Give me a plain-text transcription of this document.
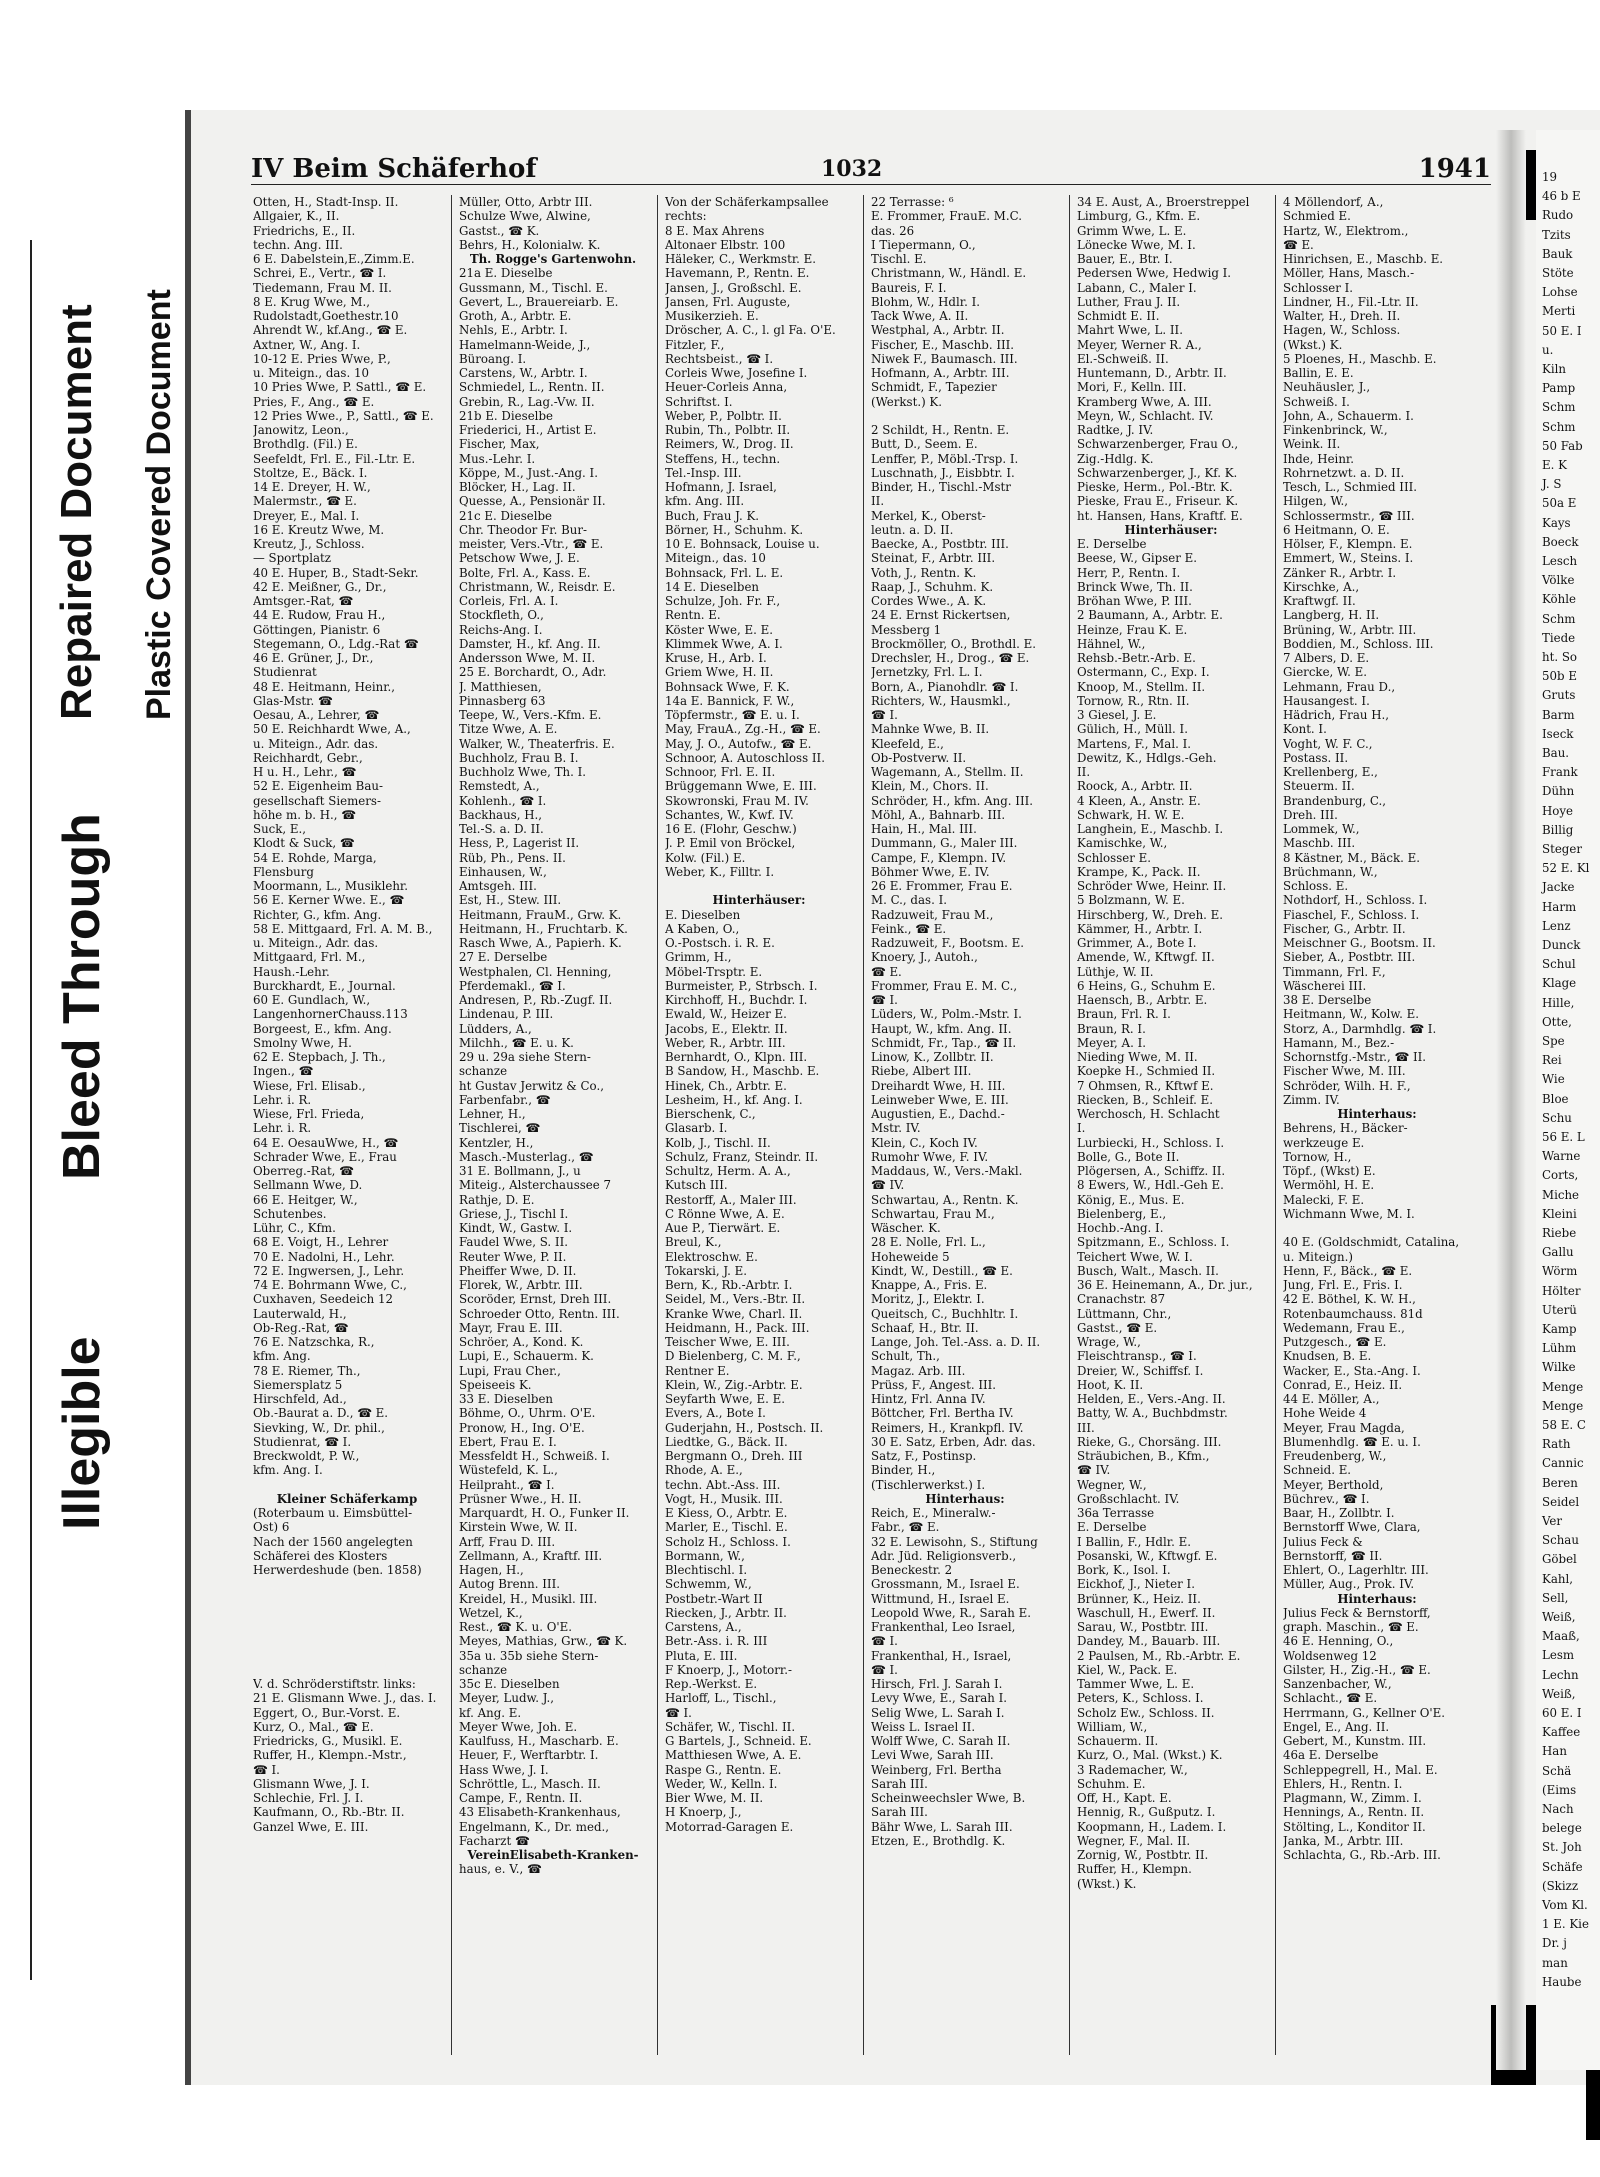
Illegible
Bleed Through
Repaired Document Plastic Covered Document
19
46 b E
Rudo
Tzits
Bauk
Stöte
Lohse
Merti
50 E. I
u.
Kiln
Pamp
Schm
Schm
50 Fab
E. K
J. S
50a E
Kays
Boeck
Lesch
Völke
Köhle
Schm
Tiede
ht. So
50b E
Gruts
Barm
Iseck
Bau.
Frank
Dühn
Hoye
Billig
Steger
52 E. Kl
Jacke
Harm
Lenz
Dunck
Schul
Klage
Hille,
Otte,
Spe
Rei
Wie
Bloe
Schu
56 E. L
Warne
Corts,
Miche
Kleini
Riebe
Gallu
Wörm
Hölter
Uterü
Kamp
Lühm
Wilke
Menge
Menge
58 E. C
Rath
Cannic
Beren
Seidel
Ver
Schau
Göbel
Kahl,
Sell,
Weiß,
Maaß,
Lesm
Lechn
Weiß,
60 E. I
Kaffee
Han
Schä
(Eims
Nach
belege
St. Joh
Schäfe
(Skizz
Vom Kl.
1 E. Kie
Dr. j
man
Haube
IV Beim Schäferhof	1032	1941

Otten, H., Stadt-Insp. II.

Allgaier, K., II.

Friedrichs, E., II.

techn. Ang. III.

6 E. Dabelstein,E.,Zimm.E.

Schrei, E., Vertr., ☎ I.

Tiedemann, Frau M. II.

8 E. Krug Wwe, M.,

Rudolstadt,Goethestr.10

Ahrendt W., kf.Ang., ☎ E.

Axtner, W., Ang. I.

10-12 E. Pries Wwe, P.,

u. Miteign., das. 10

10 Pries Wwe, P. Sattl., ☎ E.

Pries, F., Ang., ☎ E.

12 Pries Wwe., P., Sattl., ☎ E.

Janowitz, Leon.,

Brothdlg. (Fil.) E.

Seefeldt, Frl. E., Fil.-Ltr. E.

Stoltze, E., Bäck. I.

14 E. Dreyer, H. W.,

Malermstr., ☎ E.

Dreyer, E., Mal. I.

16 E. Kreutz Wwe, M.

Kreutz, J., Schloss.

— Sportplatz

40 E. Huper, B., Stadt-Sekr.

42 E. Meißner, G., Dr.,

Amtsger.-Rat, ☎

44 E. Rudow, Frau H.,

Göttingen, Pianistr. 6

Stegemann, O., Ldg.-Rat ☎

46 E. Grüner, J., Dr.,

Studienrat

48 E. Heitmann, Heinr.,

Glas-Mstr. ☎

Oesau, A., Lehrer, ☎

50 E. Reichhardt Wwe, A.,

u. Miteign., Adr. das.

Reichhardt, Gebr.,

H u. H., Lehr., ☎

52 E. Eigenheim Bau-

gesellschaft Siemers-

höhe m. b. H., ☎

Suck, E.,

Klodt & Suck, ☎

54 E. Rohde, Marga,

Flensburg

Moormann, L., Musiklehr.

56 E. Kerner Wwe. E., ☎

Richter, G., kfm. Ang.

58 E. Mittgaard, Frl. A. M. B.,

u. Miteign., Adr. das.

Mittgaard, Frl. M.,

Haush.-Lehr.

Burckhardt, E., Journal.

60 E. Gundlach, W.,

LangenhornerChauss.113

Borgeest, E., kfm. Ang.

Smolny Wwe, H.

62 E. Stepbach, J. Th.,

Ingen., ☎

Wiese, Frl. Elisab.,

Lehr. i. R.

Wiese, Frl. Frieda,

Lehr. i. R.

64 E. OesauWwe, H., ☎

Schrader Wwe, E., Frau

Oberreg.-Rat, ☎

Sellmann Wwe, D.

66 E. Heitger, W.,

Schutenbes.

Lühr, C., Kfm.

68 E. Voigt, H., Lehrer

70 E. Nadolni, H., Lehr.

72 E. Ingwersen, J., Lehr.

74 E. Bohrmann Wwe, C.,

Cuxhaven, Seedeich 12

Lauterwald, H.,

Ob-Reg.-Rat, ☎

76 E. Natzschka, R.,

kfm. Ang.

78 E. Riemer, Th.,

Siemersplatz 5

Hirschfeld, Ad.,

Ob.-Baurat a. D., ☎ E.

Sievking, W., Dr. phil.,

Studienrat, ☎ I.

Breckwoldt, P. W.,

kfm. Ang. I.

Kleiner Schäferkamp

(Roterbaum u. Eimsbüttel-

Ost) 6

Nach der 1560 angelegten

Schäferei des Klosters

Herwerdeshude (ben. 1858)

V. d. Schröderstiftstr. links:

21 E. Glismann Wwe. J., das. I.

Eggert, O., Bur.-Vorst. E.

Kurz, O., Mal., ☎ E.

Friedricks, G., Musikl. E.

Ruffer, H., Klempn.-Mstr.,

☎ I.

Glismann Wwe, J. I.

Schlechie, Frl. J. I.

Kaufmann, O., Rb.-Btr. II.

Ganzel Wwe, E. III.

Müller, Otto, Arbtr III.

Schulze Wwe, Alwine,

Gastst., ☎ K.

Behrs, H., Kolonialw. K.

Th. Rogge's Gartenwohn.

21a E. Dieselbe

Gussmann, M., Tischl. E.

Gevert, L., Brauereiarb. E.

Groth, A., Arbtr. E.

Nehls, E., Arbtr. I.

Hamelmann-Weide, J.,

Büroang. I.

Carstens, W., Arbtr. I.

Schmiedel, L., Rentn. II.

Grebin, R., Lag.-Vw. II.

21b E. Dieselbe

Friederici, H., Artist E.

Fischer, Max,

Mus.-Lehr. I.

Köppe, M., Just.-Ang. I.

Blöcker, H., Lag. II.

Quesse, A., Pensionär II.

21c E. Dieselbe

Chr. Theodor Fr. Bur-

meister, Vers.-Vtr., ☎ E.

Petschow Wwe, J. E.

Bolte, Frl. A., Kass. E.

Christmann, W., Reisdr. E.

Corleis, Frl. A. I.

Stockfleth, O.,

Reichs-Ang. I.

Damster, H., kf. Ang. II.

Andersson Wwe, M. II.

25 E. Borchardt, O., Adr.

J. Matthiesen,

Pinnasberg 63

Teepe, W., Vers.-Kfm. E.

Titze Wwe, A. E.

Walker, W., Theaterfris. E.

Buchholz, Frau B. I.

Buchholz Wwe, Th. I.

Remstedt, A.,

Kohlenh., ☎ I.

Backhaus, H.,

Tel.-S. a. D. II.

Hess, P., Lagerist II.

Rüb, Ph., Pens. II.

Einhausen, W.,

Amtsgeh. III.

Est, H., Stew. III.

Heitmann, FrauM., Grw. K.

Heitmann, H., Fruchtarb. K.

Rasch Wwe, A., Papierh. K.

27 E. Derselbe

Westphalen, Cl. Henning,

Pferdemakl., ☎ I.

Andresen, P., Rb.-Zugf. II.

Lindenau, P. III.

Lüdders, A.,

Milchh., ☎ E. u. K.

29 u. 29a siehe Stern-

schanze

ht Gustav Jerwitz & Co.,

Farbenfabr., ☎

Lehner, H.,

Tischlerei, ☎

Kentzler, H.,

Masch.-Musterlag., ☎

31 E. Bollmann, J., u

Miteig., Alsterchaussee 7

Rathje, D. E.

Griese, J., Tischl I.

Kindt, W., Gastw. I.

Faudel Wwe, S. II.

Reuter Wwe, P. II.

Pheiffer Wwe, D. II.

Florek, W., Arbtr. III.

Scoröder, Ernst, Dreh III.

Schroeder Otto, Rentn. III.

Mayr, Frau E. III.

Schröer, A., Kond. K.

Lupi, E., Schauerm. K.

Lupi, Frau Cher.,

Speiseeis K.

33 E. Dieselben

Böhme, O., Uhrm. O'E.

Pronow, H., Ing. O'E.

Ebert, Frau E. I.

Messfeldt H., Schweiß. I.

Wüstefeld, K. L.,

Heilpraht., ☎ I.

Prüsner Wwe., H. II.

Marquardt, H. O., Funker II.

Kirstein Wwe, W. II.

Arff, Frau D. III.

Zellmann, A., Kraftf. III.

Hagen, H.,

Autog Brenn. III.

Kreidel, H., Musikl. III.

Wetzel, K.,

Rest., ☎ K. u. O'E.

Meyes, Mathias, Grw., ☎ K.

35a u. 35b siehe Stern-

schanze

35c E. Dieselben

Meyer, Ludw. J.,

kf. Ang. E.

Meyer Wwe, Joh. E.

Kaulfuss, H., Mascharb. E.

Heuer, F., Werftarbtr. I.

Hass Wwe, J. I.

Schröttle, L., Masch. II.

Campe, F., Rentn. II.

43 Elisabeth-Krankenhaus,

Engelmann, K., Dr. med.,

Facharzt ☎

VereinElisabeth-Kranken-

haus, e. V., ☎

Von der Schäferkampsallee

rechts:

8 E. Max Ahrens

Altonaer Elbstr. 100

Häleker, C., Werkmstr. E.

Havemann, P., Rentn. E.

Jansen, J., Großschl. E.

Jansen, Frl. Auguste,

Musikerzieh. E.

Dröscher, A. C., l. gl Fa. O'E.

Fitzler, F.,

Rechtsbeist., ☎ I.

Corleis Wwe, Josefine I.

Heuer-Corleis Anna,

Schriftst. I.

Weber, P., Polbtr. II.

Rubin, Th., Polbtr. II.

Reimers, W., Drog. II.

Steffens, H., techn.

Tel.-Insp. III.

Hofmann, J. Israel,

kfm. Ang. III.

Buch, Frau J. K.

Börner, H., Schuhm. K.

10 E. Bohnsack, Louise u.

Miteign., das. 10

Bohnsack, Frl. L. E.

14 E. Dieselben

Schulze, Joh. Fr. F.,

Rentn. E.

Köster Wwe, E. E.

Klimmek Wwe, A. I.

Kruse, H., Arb. I.

Griem Wwe, H. II.

Bohnsack Wwe, F. K.

14a E. Bannick, F. W.,

Töpfermstr., ☎ E. u. I.

May, FrauA., Zg.-H., ☎ E.

May, J. O., Autofw., ☎ E.

Schnoor, A. Autoschloss II.

Schnoor, Frl. E. II.

Brüggemann Wwe, E. III.

Skowronski, Frau M. IV.

Schantes, W., Kwf. IV.

16 E. (Flohr, Geschw.)

J. P. Emil von Bröckel,

Kolw. (Fil.) E.

Weber, K., Filltr. I.

Hinterhäuser:

E. Dieselben

A Kaben, O.,

O.-Postsch. i. R. E.

Grimm, H.,

Möbel-Trsptr. E.

Burmeister, P., Strbsch. I.

Kirchhoff, H., Buchdr. I.

Ewald, W., Heizer E.

Jacobs, E., Elektr. II.

Weber, R., Arbtr. III.

Bernhardt, O., Klpn. III.

B Sandow, H., Maschb. E.

Hinek, Ch., Arbtr. E.

Lesheim, H., kf. Ang. I.

Bierschenk, C.,

Glasarb. I.

Kolb, J., Tischl. II.

Schulz, Franz, Steindr. II.

Schultz, Herm. A. A.,

Kutsch III.

Restorff, A., Maler III.

C Rönne Wwe, A. E.

Aue P., Tierwärt. E.

Breul, K.,

Elektroschw. E.

Tokarski, J. E.

Bern, K., Rb.-Arbtr. I.

Seidel, M., Vers.-Btr. II.

Kranke Wwe, Charl. II.

Heidmann, H., Pack. III.

Teischer Wwe, E. III.

D Bielenberg, C. M. F.,

Rentner E.

Klein, W., Zig.-Arbtr. E.

Seyfarth Wwe, E. E.

Evers, A., Bote I.

Guderjahn, H., Postsch. II.

Liedtke, G., Bäck. II.

Bergmann O., Dreh. III

Rhode, A. E.,

techn. Abt.-Ass. III.

Vogt, H., Musik. III.

E Kiess, O., Arbtr. E.

Marler, E., Tischl. E.

Scholz H., Schloss. I.

Bormann, W.,

Blechtischl. I.

Schwemm, W.,

Postbetr.-Wart II

Riecken, J., Arbtr. II.

Carstens, A.,

Betr.-Ass. i. R. III

Pluta, E. III.

F Knoerp, J., Motorr.-

Rep.-Werkst. E.

Harloff, L., Tischl.,

☎ I.

Schäfer, W., Tischl. II.

G Bartels, J., Schneid. E.

Matthiesen Wwe, A. E.

Raspe G., Rentn. E.

Weder, W., Kelln. I.

Bier Wwe, M. II.

H Knoerp, J.,

Motorrad-Garagen E.

22 Terrasse: ⁶

E. Frommer, FrauE. M.C.

das. 26

I Tiepermann, O.,

Tischl. E.

Christmann, W., Händl. E.

Baureis, F. I.

Blohm, W., Hdlr. I.

Tack Wwe, A. II.

Westphal, A., Arbtr. II.

Fischer, E., Maschb. III.

Niwek F., Baumasch. III.

Hofmann, A., Arbtr. III.

Schmidt, F., Tapezier

(Werkst.) K.

2 Schildt, H., Rentn. E.

Butt, D., Seem. E.

Lenffer, P., Möbl.-Trsp. I.

Luschnath, J., Eisbbtr. I.

Binder, H., Tischl.-Mstr

II.

Merkel, K., Oberst-

leutn. a. D. II.

Baecke, A., Postbtr. III.

Steinat, F., Arbtr. III.

Voth, J., Rentn. K.

Raap, J., Schuhm. K.

Cordes Wwe., A. K.

24 E. Ernst Rickertsen,

Messberg 1

Brockmöller, O., Brothdl. E.

Drechsler, H., Drog., ☎ E.

Jernetzky, Frl. L. I.

Born, A., Pianohdlr. ☎ I.

Richters, W., Hausmkl.,

☎ I.

Mahnke Wwe, B. II.

Kleefeld, E.,

Ob-Postverw. II.

Wagemann, A., Stellm. II.

Klein, M., Chors. II.

Schröder, H., kfm. Ang. III.

Möhl, A., Bahnarb. III.

Hain, H., Mal. III.

Dummann, G., Maler III.

Campe, F., Klempn. IV.

Böhmer Wwe, E. IV.

26 E. Frommer, Frau E.

M. C., das. I.

Radzuweit, Frau M.,

Feink., ☎ E.

Radzuweit, F., Bootsm. E.

Knoery, J., Autoh.,

☎ E.

Frommer, Frau E. M. C.,

☎ I.

Lüders, W., Polm.-Mstr. I.

Haupt, W., kfm. Ang. II.

Schmidt, Fr., Tap., ☎ II.

Linow, K., Zollbtr. II.

Riebe, Albert III.

Dreihardt Wwe, H. III.

Leinweber Wwe, E. III.

Augustien, E., Dachd.-

Mstr. IV.

Klein, C., Koch IV.

Rumohr Wwe, F. IV.

Maddaus, W., Vers.-Makl.

☎ IV.

Schwartau, A., Rentn. K.

Schwartau, Frau M.,

Wäscher. K.

28 E. Nolle, Frl. L.,

Hoheweide 5

Kindt, W., Destill., ☎ E.

Knappe, A., Fris. E.

Moritz, J., Elektr. I.

Queitsch, C., Buchhltr. I.

Schaaf, H., Btr. II.

Lange, Joh. Tel.-Ass. a. D. II.

Schult, Th.,

Magaz. Arb. III.

Prüss, F., Angest. III.

Hintz, Frl. Anna IV.

Böttcher, Frl. Bertha IV.

Reimers, H., Krankpfl. IV.

30 E. Satz, Erben, Adr. das.

Satz, F., Postinsp.

Binder, H.,

(Tischlerwerkst.) I.

Hinterhaus:

Reich, E., Mineralw.-

Fabr., ☎ E.

32 E. Lewisohn, S., Stiftung

Adr. Jüd. Religionsverb.,

Beneckestr. 2

Grossmann, M., Israel E.

Wittmund, H., Israel E.

Leopold Wwe, R., Sarah E.

Frankenthal, Leo Israel,

☎ I.

Frankenthal, H., Israel,

☎ I.

Hirsch, Frl. J. Sarah I.

Levy Wwe, E., Sarah I.

Selig Wwe, L. Sarah I.

Weiss L. Israel II.

Wolff Wwe, C. Sarah II.

Levi Wwe, Sarah III.

Weinberg, Frl. Bertha

Sarah III.

Scheinweechsler Wwe, B.

Sarah III.

Bähr Wwe, L. Sarah III.

Etzen, E., Brothdlg. K.

34 E. Aust, A., Broerstreppel

Limburg, G., Kfm. E.

Grimm Wwe, L. E.

Lönecke Wwe, M. I.

Bauer, E., Btr. I.

Pedersen Wwe, Hedwig I.

Labann, C., Maler I.

Luther, Frau J. II.

Schmidt E. II.

Mahrt Wwe, L. II.

Meyer, Werner R. A.,

El.-Schweiß. II.

Huntemann, D., Arbtr. II.

Mori, F., Kelln. III.

Kramberg Wwe, A. III.

Meyn, W., Schlacht. IV.

Radtke, J. IV.

Schwarzenberger, Frau O.,

Zig.-Hdlg. K.

Schwarzenberger, J., Kf. K.

Pieske, Herm., Pol.-Btr. K.

Pieske, Frau E., Friseur. K.

ht. Hansen, Hans, Kraftf. E.

Hinterhäuser:

E. Derselbe

Beese, W., Gipser E.

Herr, P., Rentn. I.

Brinck Wwe, Th. II.

Bröhan Wwe, P. III.

2 Baumann, A., Arbtr. E.

Heinze, Frau K. E.

Hähnel, W.,

Rehsb.-Betr.-Arb. E.

Ostermann, C., Exp. I.

Knoop, M., Stellm. II.

Tornow, R., Rtn. II.

3 Giesel, J. E.

Gülich, H., Müll. I.

Martens, F., Mal. I.

Dewitz, K., Hdlgs.-Geh.

II.

Roock, A., Arbtr. II.

4 Kleen, A., Anstr. E.

Schwark, H. W. E.

Langhein, E., Maschb. I.

Kamischke, W.,

Schlosser E.

Krampe, K., Pack. II.

Schröder Wwe, Heinr. II.

5 Bolzmann, W. E.

Hirschberg, W., Dreh. E.

Kämmer, H., Arbtr. I.

Grimmer, A., Bote I.

Amende, W., Kftwgf. II.

Lüthje, W. II.

6 Heins, G., Schuhm E.

Haensch, B., Arbtr. E.

Braun, Frl. R. I.

Braun, R. I.

Meyer, A. I.

Nieding Wwe, M. II.

Koepke H., Schmied II.

7 Ohmsen, R., Kftwf E.

Riecken, B., Schleif. E.

Werchosch, H. Schlacht

I.

Lurbiecki, H., Schloss. I.

Bolle, G., Bote II.

Plögersen, A., Schiffz. II.

8 Ewers, W., Hdl.-Geh E.

König, E., Mus. E.

Bielenberg, E.,

Hochb.-Ang. I.

Spitzmann, E., Schloss. I.

Teichert Wwe, W. I.

Busch, Walt., Masch. II.

36 E. Heinemann, A., Dr. jur.,

Cranachstr. 87

Lüttmann, Chr.,

Gastst., ☎ E.

Wrage, W.,

Fleischtransp., ☎ I.

Dreier, W., Schiffsf. I.

Hoot, K. II.

Helden, E., Vers.-Ang. II.

Batty, W. A., Buchbdmstr.

III.

Rieke, G., Chorsäng. III.

Sträubichen, B., Kfm.,

☎ IV.

Wegner, W.,

Großschlacht. IV.

36a Terrasse

E. Derselbe

I Ballin, F., Hdlr. E.

Posanski, W., Kftwgf. E.

Bork, K., Isol. I.

Eickhof, J., Nieter I.

Brünner, K., Heiz. II.

Waschull, H., Ewerf. II.

Sarau, W., Postbtr. III.

Dandey, M., Bauarb. III.

2 Paulsen, M., Rb.-Arbtr. E.

Kiel, W., Pack. E.

Tammer Wwe, L. E.

Peters, K., Schloss. I.

Scholz Ew., Schloss. II.

William, W.,

Schauerm. II.

Kurz, O., Mal. (Wkst.) K.

3 Rademacher, W.,

Schuhm. E.

Off, H., Kapt. E.

Hennig, R., Gußputz. I.

Koopmann, H., Ladem. I.

Wegner, F., Mal. II.

Zornig, W., Postbtr. II.

Ruffer, H., Klempn.

(Wkst.) K.

4 Möllendorf, A.,

Schmied E.

Hartz, W., Elektrom.,

☎ E.

Hinrichsen, E., Maschb. E.

Möller, Hans, Masch.-

Schlosser I.

Lindner, H., Fil.-Ltr. II.

Walter, H., Dreh. II.

Hagen, W., Schloss.

(Wkst.) K.

5 Ploenes, H., Maschb. E.

Ballin, E. E.

Neuhäusler, J.,

Schweiß. I.

John, A., Schauerm. I.

Finkenbrinck, W.,

Weink. II.

Ihde, Heinr.

Rohrnetzwt. a. D. II.

Tesch, L., Schmied III.

Hilgen, W.,

Schlossermstr., ☎ III.

6 Heitmann, O. E.

Hölser, F., Klempn. E.

Emmert, W., Steins. I.

Zänker R., Arbtr. I.

Kirschke, A.,

Kraftwgf. II.

Langberg, H. II.

Brüning, W., Arbtr. III.

Boddien, M., Schloss. III.

7 Albers, D. E.

Giercke, W. E.

Lehmann, Frau D.,

Hausangest. I.

Hädrich, Frau H.,

Kont. I.

Voght, W. F. C.,

Postass. II.

Krellenberg, E.,

Steuerm. II.

Brandenburg, C.,

Dreh. III.

Lommek, W.,

Maschb. III.

8 Kästner, M., Bäck. E.

Brüchmann, W.,

Schloss. E.

Nothdorf, H., Schloss. I.

Fiaschel, F., Schloss. I.

Fischer, G., Arbtr. II.

Meischner G., Bootsm. II.

Sieber, A., Postbtr. III.

Timmann, Frl. F.,

Wäscherei III.

38 E. Derselbe

Heitmann, W., Kolw. E.

Storz, A., Darmhdlg. ☎ I.

Hamann, M., Bez.-

Schornstfg.-Mstr., ☎ II.

Fischer Wwe, M. III.

Schröder, Wilh. H. F.,

Zimm. IV.

Hinterhaus:

Behrens, H., Bäcker-

werkzeuge E.

Tornow, H.,

Töpf., (Wkst) E.

Wermöhl, H. E.

Malecki, F. E.

Wichmann Wwe, M. I.

40 E. (Goldschmidt, Catalina,

u. Miteign.)

Henn, F., Bäck., ☎ E.

Jung, Frl. E., Fris. I.

42 E. Böthel, K. W. H.,

Rotenbaumchauss. 81d

Wedemann, Frau E.,

Putzgesch., ☎ E.

Knudsen, B. E.

Wacker, E., Sta.-Ang. I.

Conrad, E., Heiz. II.

44 E. Möller, A.,

Hohe Weide 4

Meyer, Frau Magda,

Blumenhdlg. ☎ E. u. I.

Freudenberg, W.,

Schneid. E.

Meyer, Berthold,

Büchrev., ☎ I.

Baar, H., Zollbtr. I.

Bernstorff Wwe, Clara,

Julius Feck &

Bernstorff, ☎ II.

Ehlert, O., Lagerhltr. III.

Müller, Aug., Prok. IV.

Hinterhaus:

Julius Feck & Bernstorff,

graph. Maschin., ☎ E.

46 E. Henning, O.,

Woldsenweg 12

Gilster, H., Zig.-H., ☎ E.

Sanzenbacher, W.,

Schlacht., ☎ E.

Herrmann, G., Kellner O'E.

Engel, E., Ang. II.

Gebert, M., Kunstm. III.

46a E. Derselbe

Schleppegrell, H., Mal. E.

Ehlers, H., Rentn. I.

Plagmann, W., Zimm. I.

Hennings, A., Rentn. II.

Stölting, L., Konditor II.

Janka, M., Arbtr. III.

Schlachta, G., Rb.-Arb. III.
